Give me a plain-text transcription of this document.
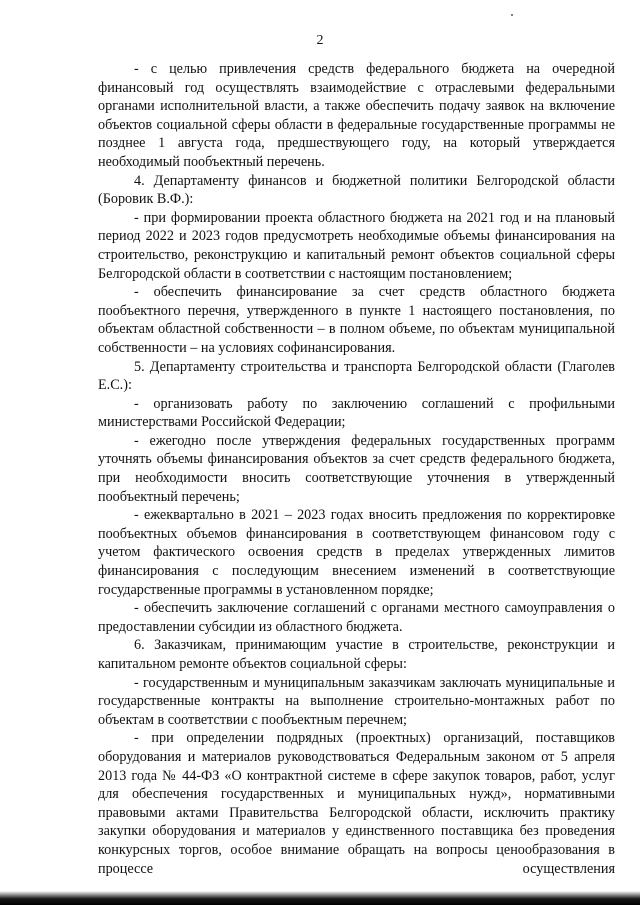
2

- с целью привлечения средств федерального бюджета на очередной финансовый год осуществлять взаимодействие с отраслевыми федеральными органами исполнительной власти, а также обеспечить подачу заявок на включение объектов социальной сферы области в федеральные государственные программы не позднее 1 августа года, предшествующего году, на который утверждается необходимый пообъектный перечень.

4. Департаменту финансов и бюджетной политики Белгородской области (Боровик В.Ф.):

- при формировании проекта областного бюджета на 2021 год и на плановый период 2022 и 2023 годов предусмотреть необходимые объемы финансирования на строительство, реконструкцию и капитальный ремонт объектов социальной сферы Белгородской области в соответствии с настоящим постановлением;

- обеспечить финансирование за счет средств областного бюджета пообъектного перечня, утвержденного в пункте 1 настоящего постановления, по объектам областной собственности – в полном объеме, по объектам муниципальной собственности – на условиях софинансирования.

5. Департаменту строительства и транспорта Белгородской области (Глаголев Е.С.):

- организовать работу по заключению соглашений с профильными министерствами Российской Федерации;

- ежегодно после утверждения федеральных государственных программ уточнять объемы финансирования объектов за счет средств федерального бюджета, при необходимости вносить соответствующие уточнения в утвержденный пообъектный перечень;

- ежеквартально в 2021 – 2023 годах вносить предложения по корректировке пообъектных объемов финансирования в соответствующем финансовом году с учетом фактического освоения средств в пределах утвержденных лимитов финансирования с последующим внесением изменений в соответствующие государственные программы в установленном порядке;

- обеспечить заключение соглашений с органами местного самоуправления о предоставлении субсидии из областного бюджета.

6. Заказчикам, принимающим участие в строительстве, реконструкции и капитальном ремонте объектов социальной сферы:

- государственным и муниципальным заказчикам заключать муниципальные и государственные контракты на выполнение строительно-монтажных работ по объектам в соответствии с пообъектным перечнем;

- при определении подрядных (проектных) организаций, поставщиков оборудования и материалов руководствоваться Федеральным законом от 5 апреля 2013 года № 44-ФЗ «О контрактной системе в сфере закупок товаров, работ, услуг для обеспечения государственных и муниципальных нужд», нормативными правовыми актами Правительства Белгородской области, исключить практику закупки оборудования и материалов у единственного поставщика без проведения конкурсных торгов, особое внимание обращать на вопросы ценообразования в процессе осуществления
